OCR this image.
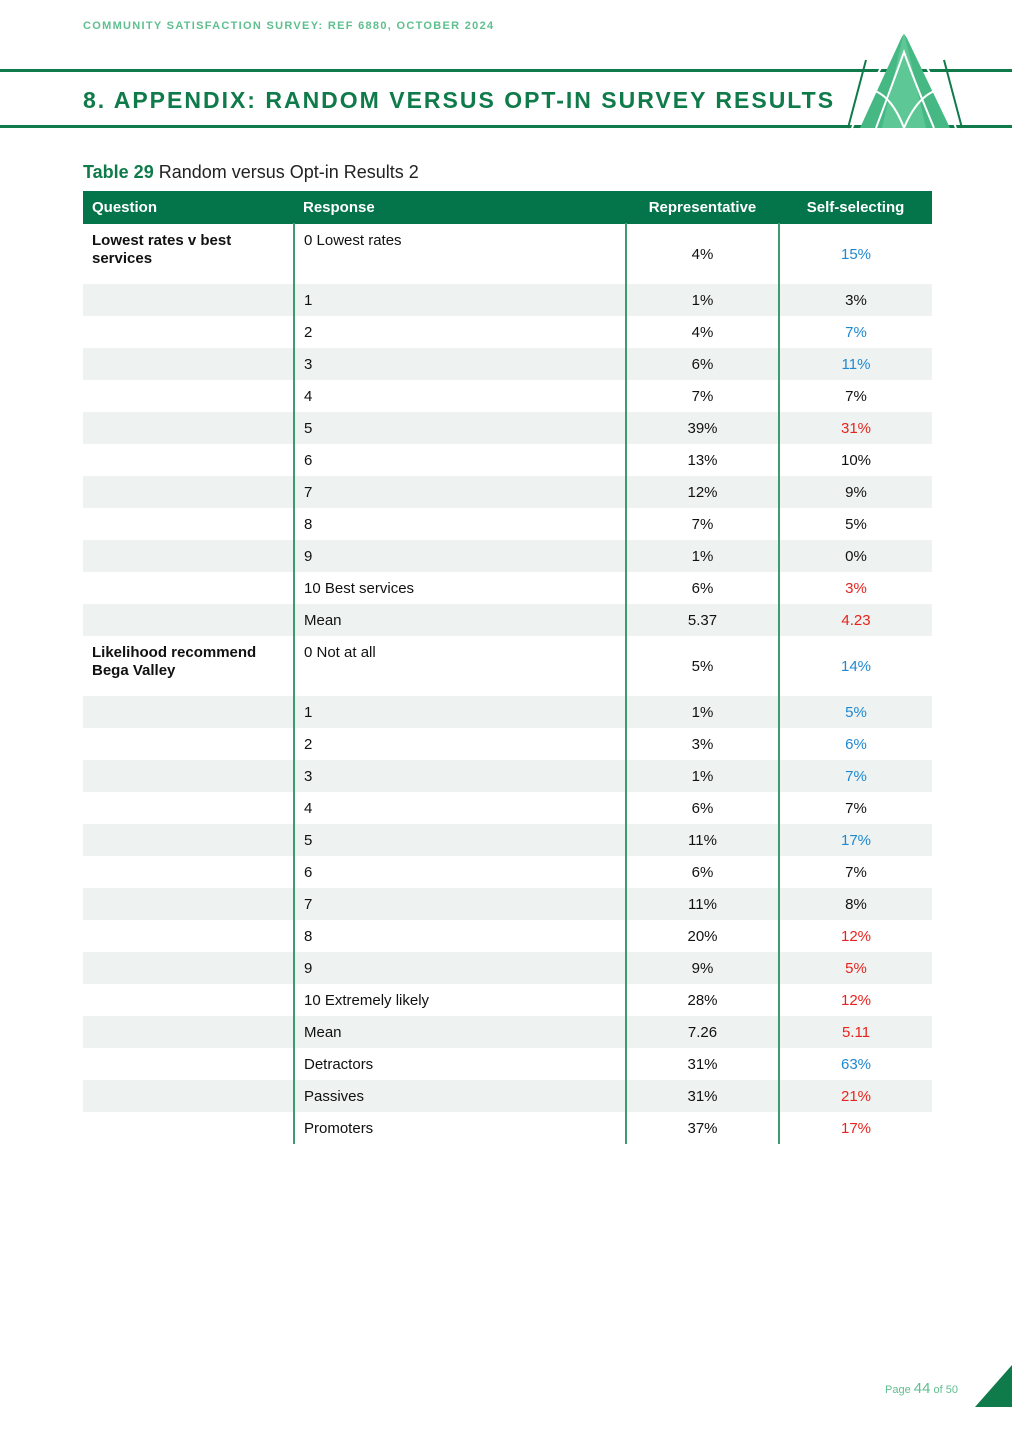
COMMUNITY SATISFACTION SURVEY: REF 6880, OCTOBER 2024
8. APPENDIX: RANDOM VERSUS OPT-IN SURVEY RESULTS
Table 29 Random versus Opt-in Results 2
Question	Response	Representative	Self-selecting
Lowest rates v best services	0 Lowest rates	4%	15%
	1	1%	3%
	2	4%	7%
	3	6%	11%
	4	7%	7%
	5	39%	31%
	6	13%	10%
	7	12%	9%
	8	7%	5%
	9	1%	0%
	10 Best services	6%	3%
	Mean	5.37	4.23
Likelihood recommend Bega Valley	0 Not at all	5%	14%
	1	1%	5%
	2	3%	6%
	3	1%	7%
	4	6%	7%
	5	11%	17%
	6	6%	7%
	7	11%	8%
	8	20%	12%
	9	9%	5%
	10 Extremely likely	28%	12%
	Mean	7.26	5.11
	Detractors	31%	63%
	Passives	31%	21%
	Promoters	37%	17%
Page 44 of 50
